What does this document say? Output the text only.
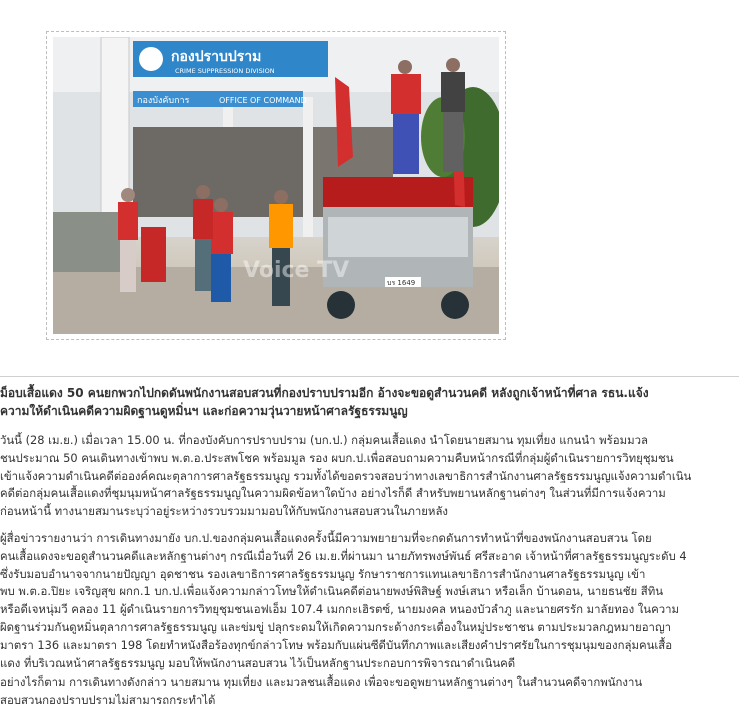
กองปราบปราม
CRIME SUPPRESSION DIVISION
กองบังคับการ	OFFICE OF COMMAND
บร 1649
Voice TV
ม็อบเสื้อแดง 50 คนยกพวกไปกดดันพนักงานสอบสวนที่กองปราบปรามอีก อ้างจะขอดูสำนวนคดี หลังถูกเจ้าหน้าที่ศาล รธน.แจ้ง
ความให้ดำเนินคดีความผิดฐานดูหมิ่นฯ และก่อความวุ่นวายหน้าศาลรัฐธรรมนูญ
วันนี้ (28 เม.ย.) เมื่อเวลา 15.00 น. ที่กองบังคับการปราบปราม (บก.ป.) กลุ่มคนเสื้อแดง นำโดยนายสมาน ทุมเที่ยง แกนนำ พร้อมมวล
ชนประมาณ 50 คนเดินทางเข้าพบ พ.ต.อ.ประสพโชค พร้อมมูล รอง ผบก.ป.เพื่อสอบถามความคืบหน้ากรณีที่กลุ่มผู้ดำเนินรายการวิทยุชุมชน
เข้าแจ้งความดำเนินคดีต่อองค์คณะตุลาการศาลรัฐธรรมนูญ รวมทั้งได้ขอตรวจสอบว่าทางเลขาธิการสำนักงานศาลรัฐธรรมนูญแจ้งความดำเนิน
คดีต่อกลุ่มคนเสื้อแดงที่ชุมนุมหน้าศาลรัฐธรรมนูญในความผิดข้อหาใดบ้าง อย่างไรก็ดี สำหรับพยานหลักฐานต่างๆ ในส่วนที่มีการแจ้งความ
ก่อนหน้านี้ ทางนายสมานระบุว่าอยู่ระหว่างรวบรวมมามอบให้กับพนักงานสอบสวนในภายหลัง
ผู้สื่อข่าวรายงานว่า การเดินทางมายัง บก.ป.ของกลุ่มคนเสื้อแดงครั้งนี้มีความพยายามที่จะกดดันการทำหน้าที่ของพนักงานสอบสวน โดย
คนเสื้อแดงจะขอดูสำนวนคดีและหลักฐานต่างๆ กรณีเมื่อวันที่ 26 เม.ย.ที่ผ่านมา นายภัทรพงษ์พันธ์ ศรีสะอาด เจ้าหน้าที่ศาลรัฐธรรมนูญระดับ 4
ซึ่งรับมอบอำนาจจากนายปัญญา อุดชาชน รองเลขาธิการศาลรัฐธรรมนูญ รักษาราชการแทนเลขาธิการสำนักงานศาลรัฐธรรมนูญ เข้า
พบ พ.ต.อ.ปิยะ เจริญสุข ผกก.1 บก.ป.เพื่อแจ้งความกล่าวโทษให้ดำเนินคดีต่อนายพงษ์พิสิษฐ์ พงษ์เสนา หรือเล็ก บ้านดอน, นายธนชัย สีทิน
หรือดีเจหนุ่มวี คลอง 11 ผู้ดำเนินรายการวิทยุชุมชนเอฟเอ็ม 107.4 เมกกะเฮิรตซ์, นายมงคล หนองบัวลำภู และนายศรรัก มาลัยทอง ในความ
ผิดฐานร่วมกันดูหมิ่นตุลาการศาลรัฐธรรมนูญ และข่มขู่ ปลุกระดมให้เกิดความกระด้างกระเดื่องในหมู่ประชาชน ตามประมวลกฎหมายอาญา
มาตรา 136 และมาตรา 198 โดยทำหนังสือร้องทุกข์กล่าวโทษ พร้อมกับแผ่นซีดีบันทึกภาพและเสียงคำปราศรัยในการชุมนุมของกลุ่มคนเสื้อ
แดง ที่บริเวณหน้าศาลรัฐธรรมนูญ มอบให้พนักงานสอบสวน ไว้เป็นหลักฐานประกอบการพิจารณาดำเนินคดี
อย่างไรก็ตาม การเดินทางดังกล่าว นายสมาน ทุมเที่ยง และมวลชนเสื้อแดง เพื่อจะขอดูพยานหลักฐานต่างๆ ในสำนวนคดีจากพนักงาน
สอบสวนกองปราบปรามไม่สามารถกระทำได้
